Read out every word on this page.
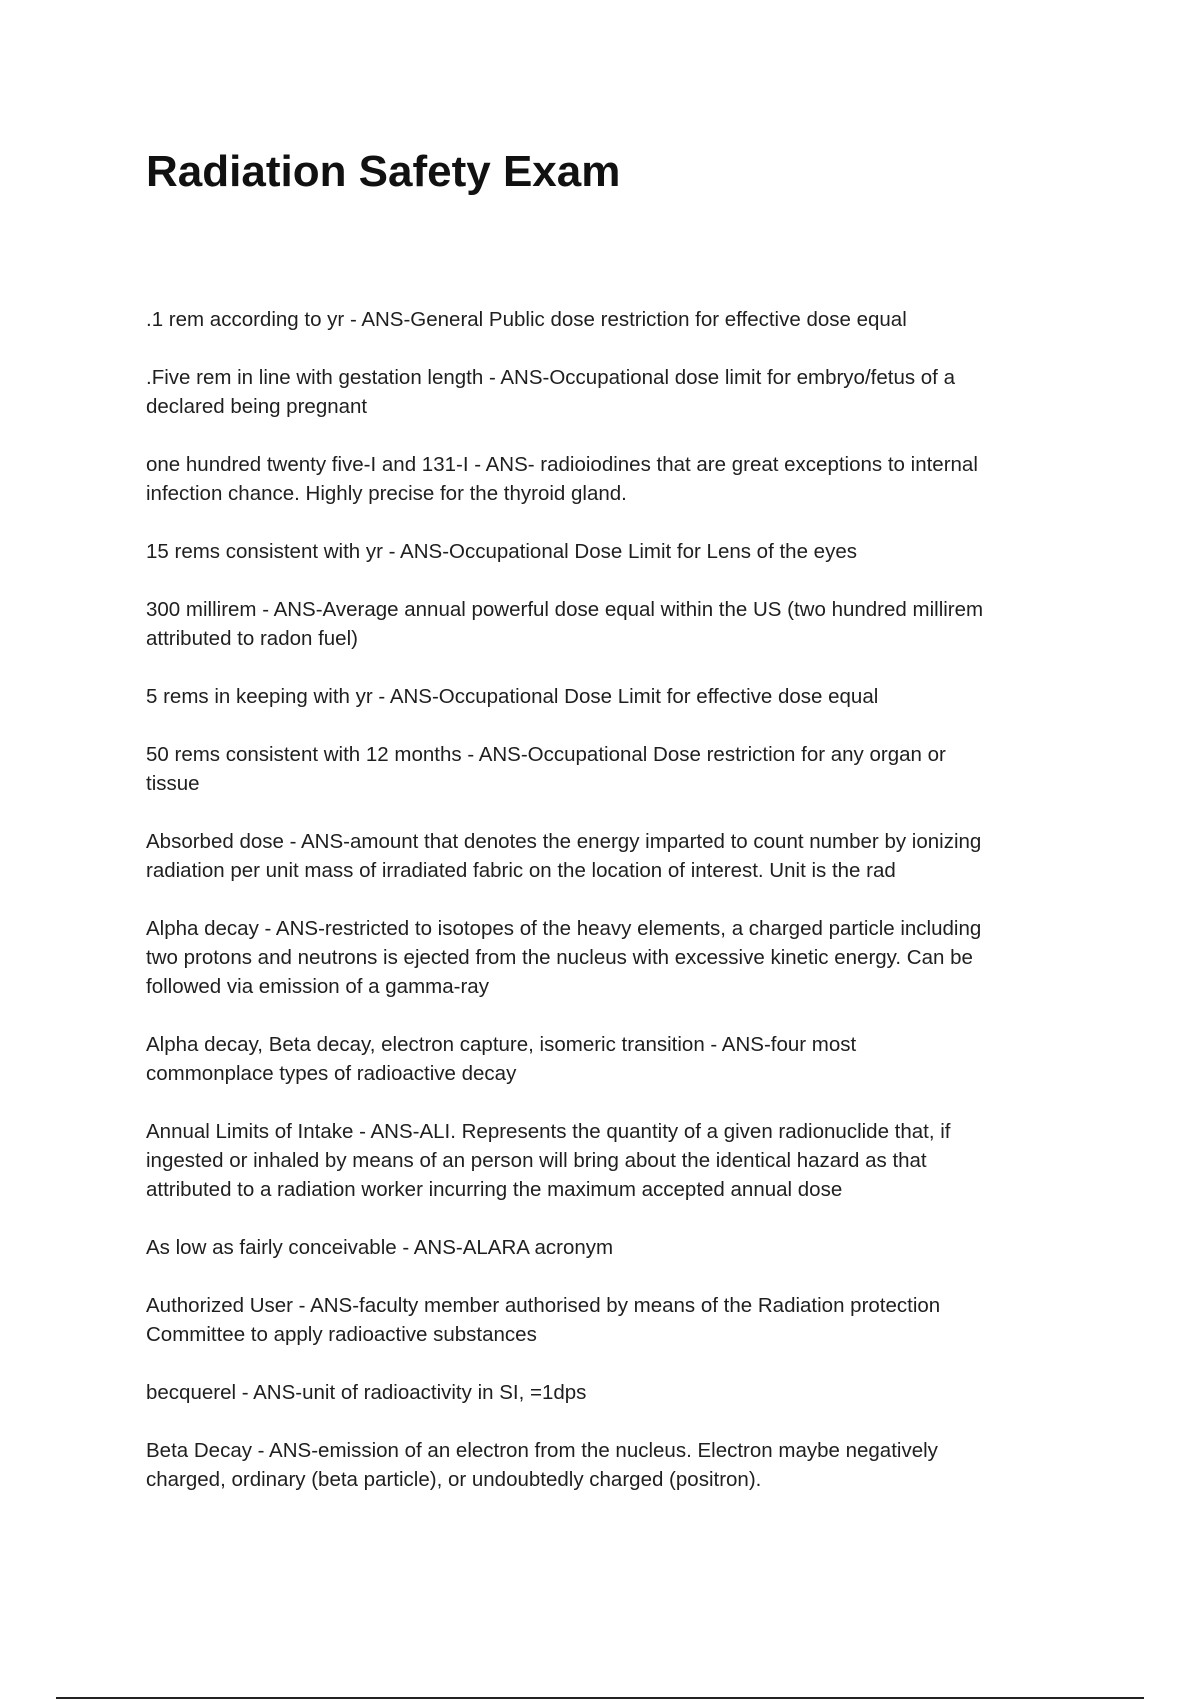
Radiation Safety Exam

.1 rem according to yr - ANS-General Public dose restriction for effective dose equal

.Five rem in line with gestation length - ANS-Occupational dose limit for embryo/fetus of a
declared being pregnant

one hundred twenty five-I and 131-I - ANS- radioiodines that are great exceptions to internal
infection chance. Highly precise for the thyroid gland.

15 rems consistent with yr - ANS-Occupational Dose Limit for Lens of the eyes

300 millirem - ANS-Average annual powerful dose equal within the US (two hundred millirem
attributed to radon fuel)

5 rems in keeping with yr - ANS-Occupational Dose Limit for effective dose equal

50 rems consistent with 12 months - ANS-Occupational Dose restriction for any organ or
tissue

Absorbed dose - ANS-amount that denotes the energy imparted to count number by ionizing
radiation per unit mass of irradiated fabric on the location of interest. Unit is the rad

Alpha decay - ANS-restricted to isotopes of the heavy elements, a charged particle including
two protons and neutrons is ejected from the nucleus with excessive kinetic energy. Can be
followed via emission of a gamma-ray

Alpha decay, Beta decay, electron capture, isomeric transition - ANS-four most
commonplace types of radioactive decay

Annual Limits of Intake - ANS-ALI. Represents the quantity of a given radionuclide that, if
ingested or inhaled by means of an person will bring about the identical hazard as that
attributed to a radiation worker incurring the maximum accepted annual dose

As low as fairly conceivable - ANS-ALARA acronym

Authorized User - ANS-faculty member authorised by means of the Radiation protection
Committee to apply radioactive substances

becquerel - ANS-unit of radioactivity in SI, =1dps

Beta Decay - ANS-emission of an electron from the nucleus. Electron maybe negatively
charged, ordinary (beta particle), or undoubtedly charged (positron).
